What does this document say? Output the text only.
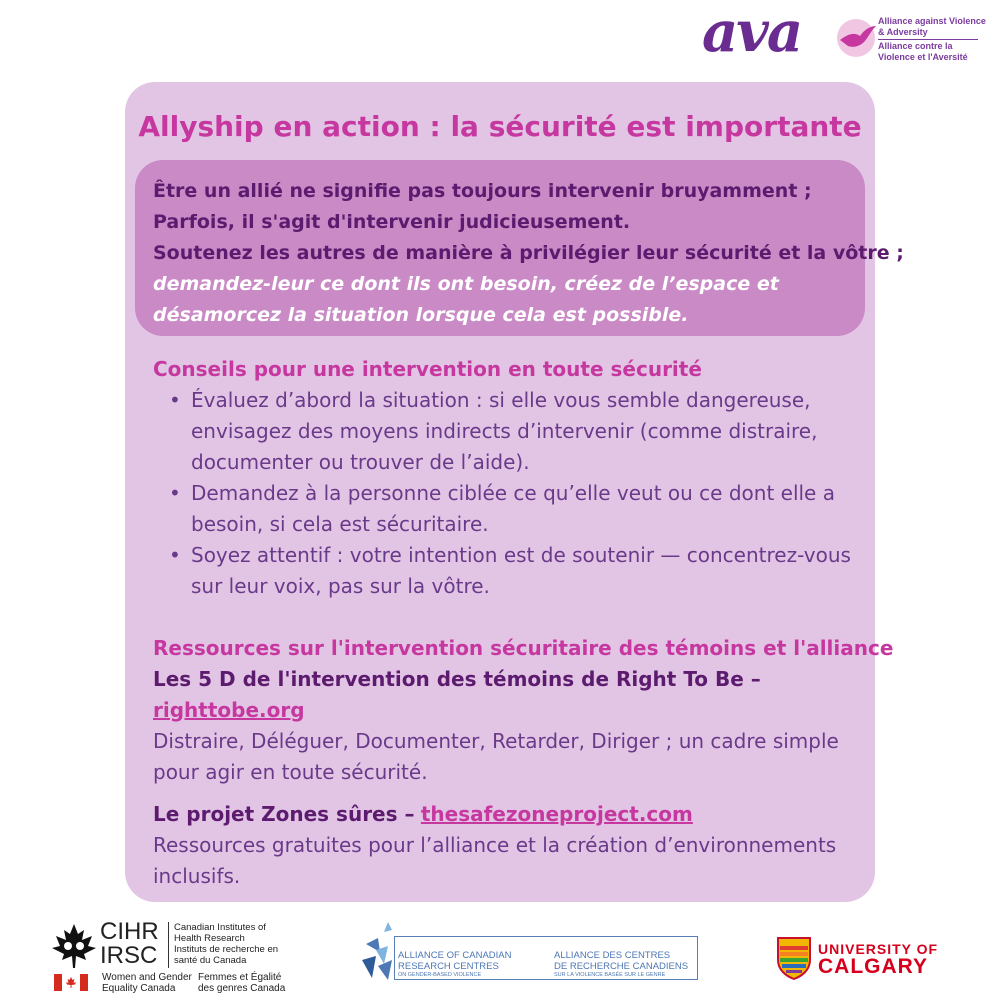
ava	Alliance against Violence & Adversity
Alliance contre la Violence et l'Aversité
Allyship en action : la sécurité est importante
Être un allié ne signifie pas toujours intervenir bruyamment ;
Parfois, il s'agit d'intervenir judicieusement.
Soutenez les autres de manière à privilégier leur sécurité et la vôtre ;
demandez-leur ce dont ils ont besoin, créez de l’espace et
désamorcez la situation lorsque cela est possible.
Conseils pour une intervention en toute sécurité
• Évaluez d’abord la situation : si elle vous semble dangereuse, envisagez des moyens indirects d’intervenir (comme distraire, documenter ou trouver de l’aide).
• Demandez à la personne ciblée ce qu’elle veut ou ce dont elle a besoin, si cela est sécuritaire.
• Soyez attentif : votre intention est de soutenir — concentrez-vous sur leur voix, pas sur la vôtre.
Ressources sur l'intervention sécuritaire des témoins et l'alliance
Les 5 D de l'intervention des témoins de Right To Be –
righttobe.org
Distraire, Déléguer, Documenter, Retarder, Diriger ; un cadre simple pour agir en toute sécurité.
Le projet Zones sûres – thesafezoneproject.com
Ressources gratuites pour l’alliance et la création d’environnements inclusifs.
CIHR
IRSC
Canadian Institutes of Health Research
Instituts de recherche en santé du Canada
Women and Gender Equality Canada
Femmes et Égalité des genres Canada
ALLIANCE OF CANADIAN
RESEARCH CENTRES
ON GENDER-BASED VIOLENCE
ALLIANCE DES CENTRES
DE RECHERCHE CANADIENS
SUR LA VIOLENCE BASÉE SUR LE GENRE
UNIVERSITY OF
CALGARY
